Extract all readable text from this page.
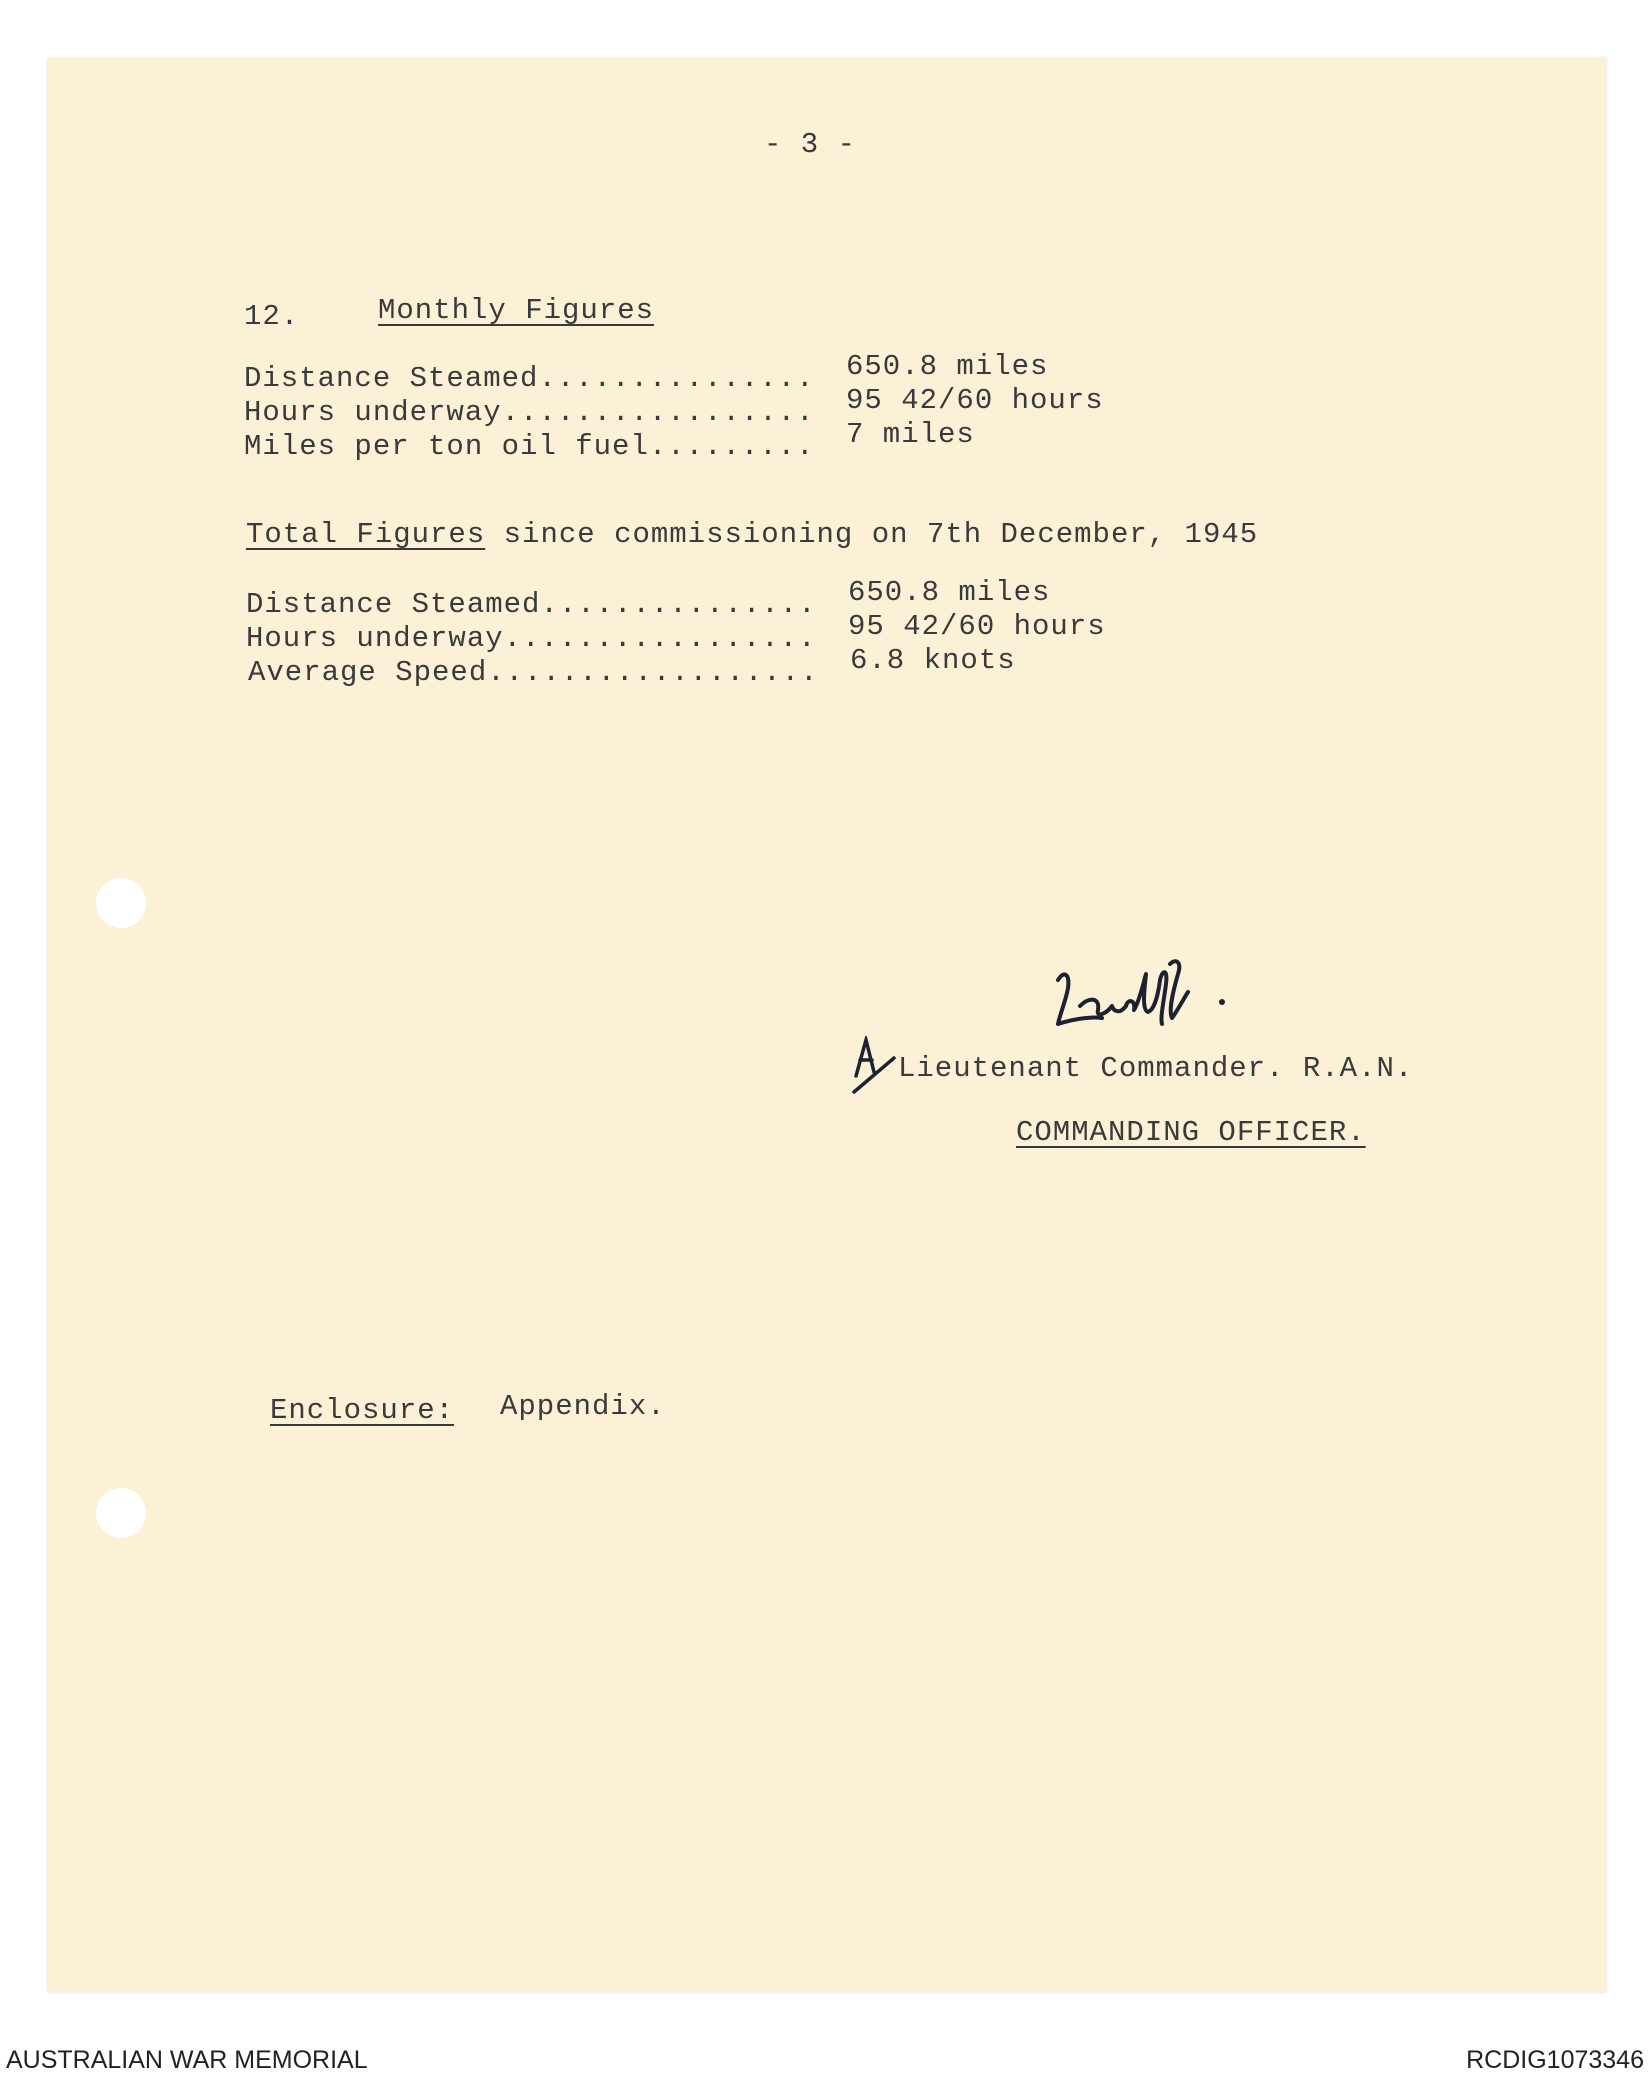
- 3 -
12.	Monthly Figures
Distance Steamed............... 650.8 miles
Hours underway................. 95 42/60 hours
Miles per ton oil fuel......... 7 miles
Total Figures since commissioning on 7th December, 1945
Distance Steamed............... 650.8 miles
Hours underway................. 95 42/60 hours
Average Speed.................. 6.8 knots
Lieutenant Commander. R.A.N.
COMMANDING OFFICER.
Enclosure: Appendix.
AUSTRALIAN WAR MEMORIAL	RCDIG1073346
